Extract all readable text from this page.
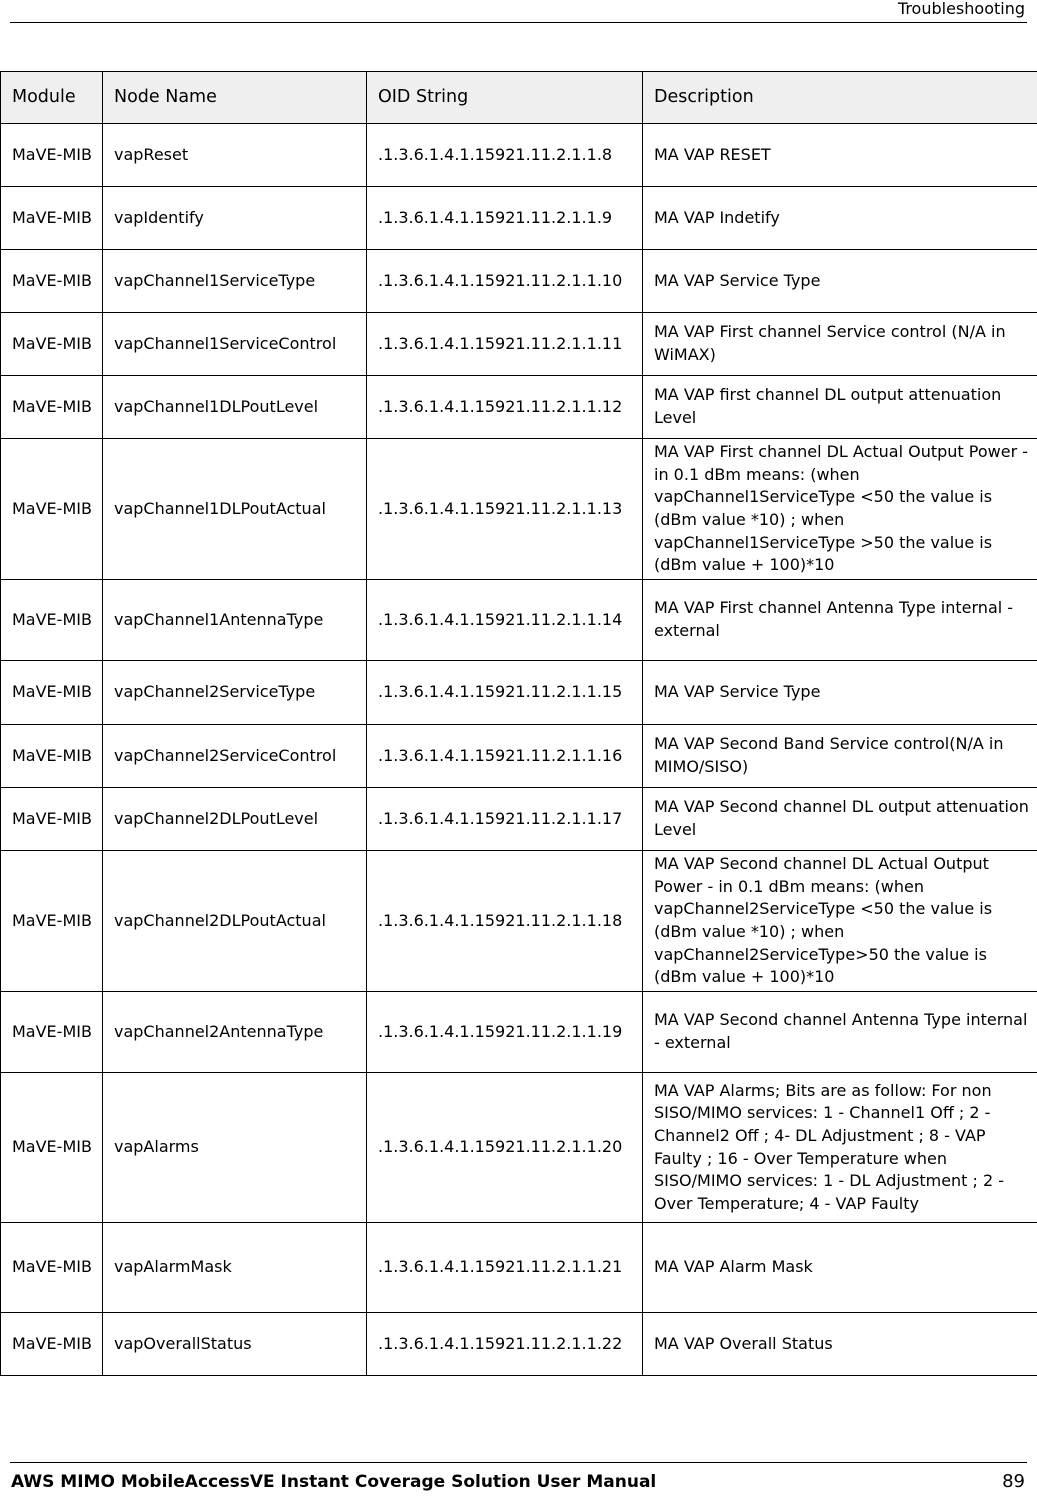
Troubleshooting
Module	Node Name	OID String	Description
MaVE-MIB	vapReset	.1.3.6.1.4.1.15921.11.2.1.1.8	MA VAP RESET
MaVE-MIB	vapIdentify	.1.3.6.1.4.1.15921.11.2.1.1.9	MA VAP Indetify
MaVE-MIB	vapChannel1ServiceType	.1.3.6.1.4.1.15921.11.2.1.1.10	MA VAP Service Type
MaVE-MIB	vapChannel1ServiceControl	.1.3.6.1.4.1.15921.11.2.1.1.11	MA VAP First channel Service control (N/A in WiMAX)
MaVE-MIB	vapChannel1DLPoutLevel	.1.3.6.1.4.1.15921.11.2.1.1.12	MA VAP first channel DL output attenuation Level
MaVE-MIB	vapChannel1DLPoutActual	.1.3.6.1.4.1.15921.11.2.1.1.13	MA VAP First channel DL Actual Output Power - in 0.1 dBm means: (when vapChannel1ServiceType <50 the value is (dBm value *10) ; when vapChannel1ServiceType >50 the value is (dBm value + 100)*10
MaVE-MIB	vapChannel1AntennaType	.1.3.6.1.4.1.15921.11.2.1.1.14	MA VAP First channel Antenna Type internal - external
MaVE-MIB	vapChannel2ServiceType	.1.3.6.1.4.1.15921.11.2.1.1.15	MA VAP Service Type
MaVE-MIB	vapChannel2ServiceControl	.1.3.6.1.4.1.15921.11.2.1.1.16	MA VAP Second Band Service control(N/A in MIMO/SISO)
MaVE-MIB	vapChannel2DLPoutLevel	.1.3.6.1.4.1.15921.11.2.1.1.17	MA VAP Second channel DL output attenuation Level
MaVE-MIB	vapChannel2DLPoutActual	.1.3.6.1.4.1.15921.11.2.1.1.18	MA VAP Second channel DL Actual Output Power - in 0.1 dBm means: (when vapChannel2ServiceType <50 the value is (dBm value *10) ; when vapChannel2ServiceType>50 the value is (dBm value + 100)*10
MaVE-MIB	vapChannel2AntennaType	.1.3.6.1.4.1.15921.11.2.1.1.19	MA VAP Second channel Antenna Type internal - external
MaVE-MIB	vapAlarms	.1.3.6.1.4.1.15921.11.2.1.1.20	MA VAP Alarms; Bits are as follow: For non SISO/MIMO services: 1 - Channel1 Off ; 2 - Channel2 Off ; 4- DL Adjustment ; 8 - VAP Faulty ; 16 - Over Temperature when SISO/MIMO services: 1 - DL Adjustment ; 2 - Over Temperature; 4 - VAP Faulty
MaVE-MIB	vapAlarmMask	.1.3.6.1.4.1.15921.11.2.1.1.21	MA VAP Alarm Mask
MaVE-MIB	vapOverallStatus	.1.3.6.1.4.1.15921.11.2.1.1.22	MA VAP Overall Status
AWS MIMO MobileAccessVE Instant Coverage Solution User Manual	89
